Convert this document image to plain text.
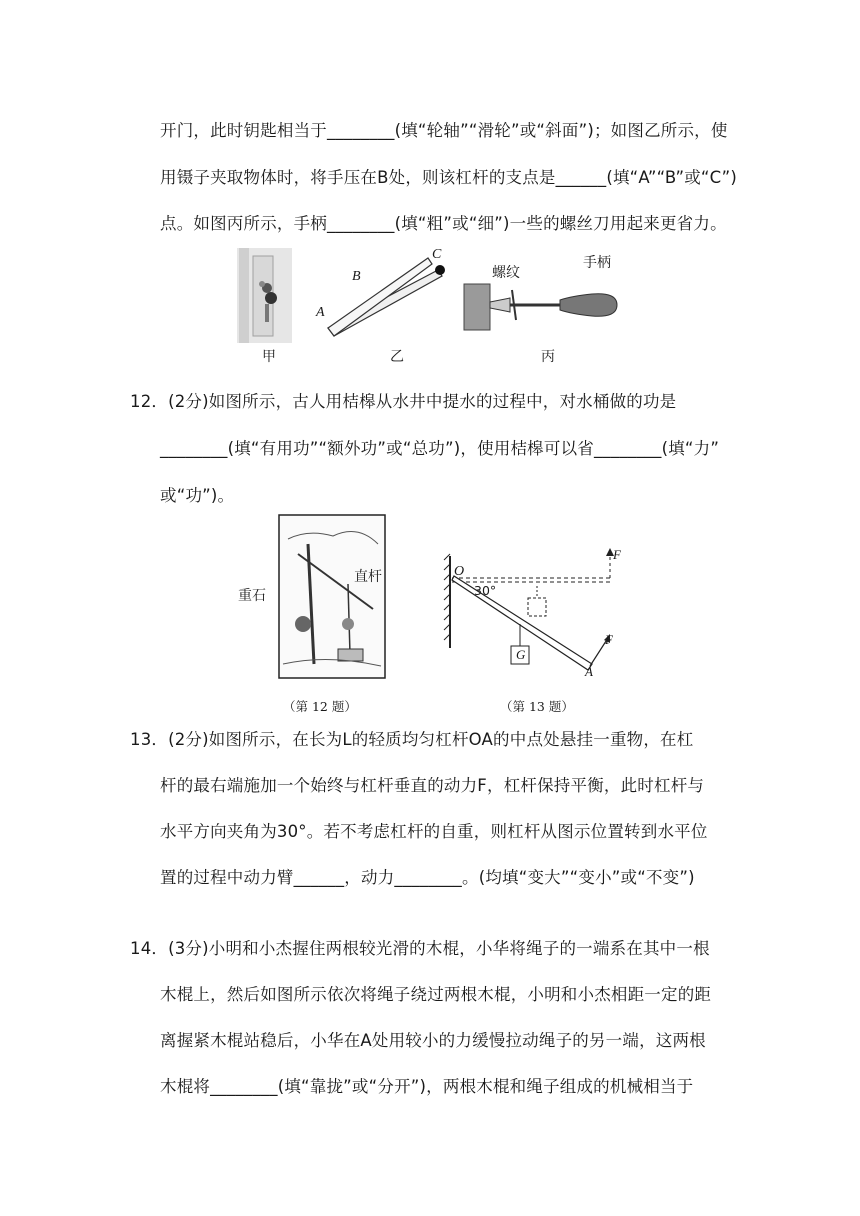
开门，此时钥匙相当于________(填“轮轴”“滑轮”或“斜面”)；如图乙所示，使
用镊子夹取物体时，将手压在B处，则该杠杆的支点是______(填“A”“B”或“C”)
点。如图丙所示，手柄________(填“粗”或“细”)一些的螺丝刀用起来更省力。
甲
A
B
C
乙
螺纹
手柄
丙
12．(2分)如图所示，古人用桔槔从水井中提水的过程中，对水桶做的功是
________(填“有用功”“额外功”或“总功”)，使用桔槔可以省________(填“力”
或“功”)。
重石
直杆
（第 12 题）
O
30°
G
A
F
F
（第 13 题）
13．(2分)如图所示，在长为L的轻质均匀杠杆OA的中点处悬挂一重物，在杠
杆的最右端施加一个始终与杠杆垂直的动力F，杠杆保持平衡，此时杠杆与
水平方向夹角为30°。若不考虑杠杆的自重，则杠杆从图示位置转到水平位
置的过程中动力臂______，动力________。(均填“变大”“变小”或“不变”)
14．(3分)小明和小杰握住两根较光滑的木棍，小华将绳子的一端系在其中一根
木棍上，然后如图所示依次将绳子绕过两根木棍，小明和小杰相距一定的距
离握紧木棍站稳后，小华在A处用较小的力缓慢拉动绳子的另一端，这两根
木棍将________(填“靠拢”或“分开”)，两根木棍和绳子组成的机械相当于
